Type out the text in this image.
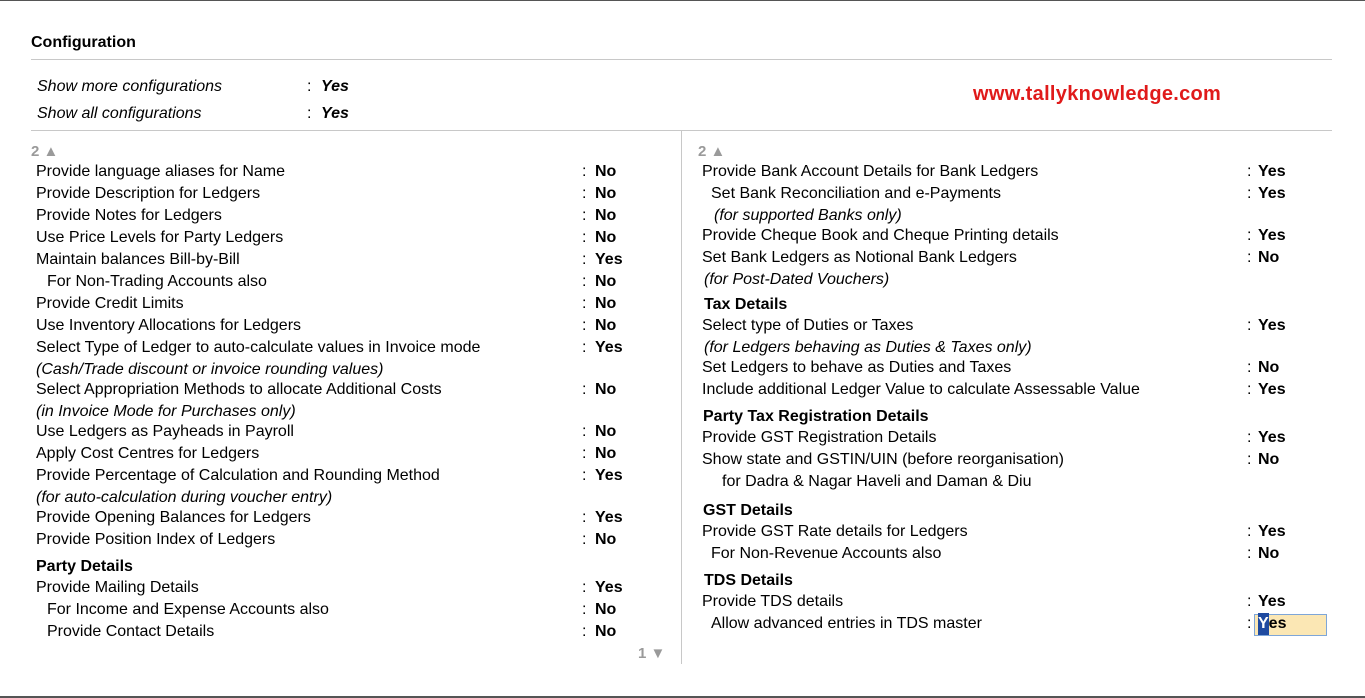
Configuration
Show more configurations	: Yes
Show all configurations	: Yes
www.tallyknowledge.com
2 ▲
Provide language aliases for Name	: No
Provide Description for Ledgers	: No
Provide Notes for Ledgers	: No
Use Price Levels for Party Ledgers	: No
Maintain balances Bill-by-Bill	: Yes
For Non-Trading Accounts also	: No
Provide Credit Limits	: No
Use Inventory Allocations for Ledgers	: No
Select Type of Ledger to auto-calculate values in Invoice mode	: Yes
(Cash/Trade discount or invoice rounding values)
Select Appropriation Methods to allocate Additional Costs	: No
(in Invoice Mode for Purchases only)
Use Ledgers as Payheads in Payroll	: No
Apply Cost Centres for Ledgers	: No
Provide Percentage of Calculation and Rounding Method	: Yes
(for auto-calculation during voucher entry)
Provide Opening Balances for Ledgers	: Yes
Provide Position Index of Ledgers	: No
Party Details
Provide Mailing Details	: Yes
For Income and Expense Accounts also	: No
Provide Contact Details	: No
1 ▼
2 ▲
Provide Bank Account Details for Bank Ledgers	: Yes
Set Bank Reconciliation and e-Payments	: Yes
(for supported Banks only)
Provide Cheque Book and Cheque Printing details	: Yes
Set Bank Ledgers as Notional Bank Ledgers	: No
(for Post-Dated Vouchers)
Tax Details
Select type of Duties or Taxes	: Yes
(for Ledgers behaving as Duties & Taxes only)
Set Ledgers to behave as Duties and Taxes	: No
Include additional Ledger Value to calculate Assessable Value	: Yes
Party Tax Registration Details
Provide GST Registration Details	: Yes
Show state and GSTIN/UIN (before reorganisation)	: No
for Dadra & Nagar Haveli and Daman & Diu
GST Details
Provide GST Rate details for Ledgers	: Yes
For Non-Revenue Accounts also	: No
TDS Details
Provide TDS details	: Yes
Allow advanced entries in TDS master	: Yes
